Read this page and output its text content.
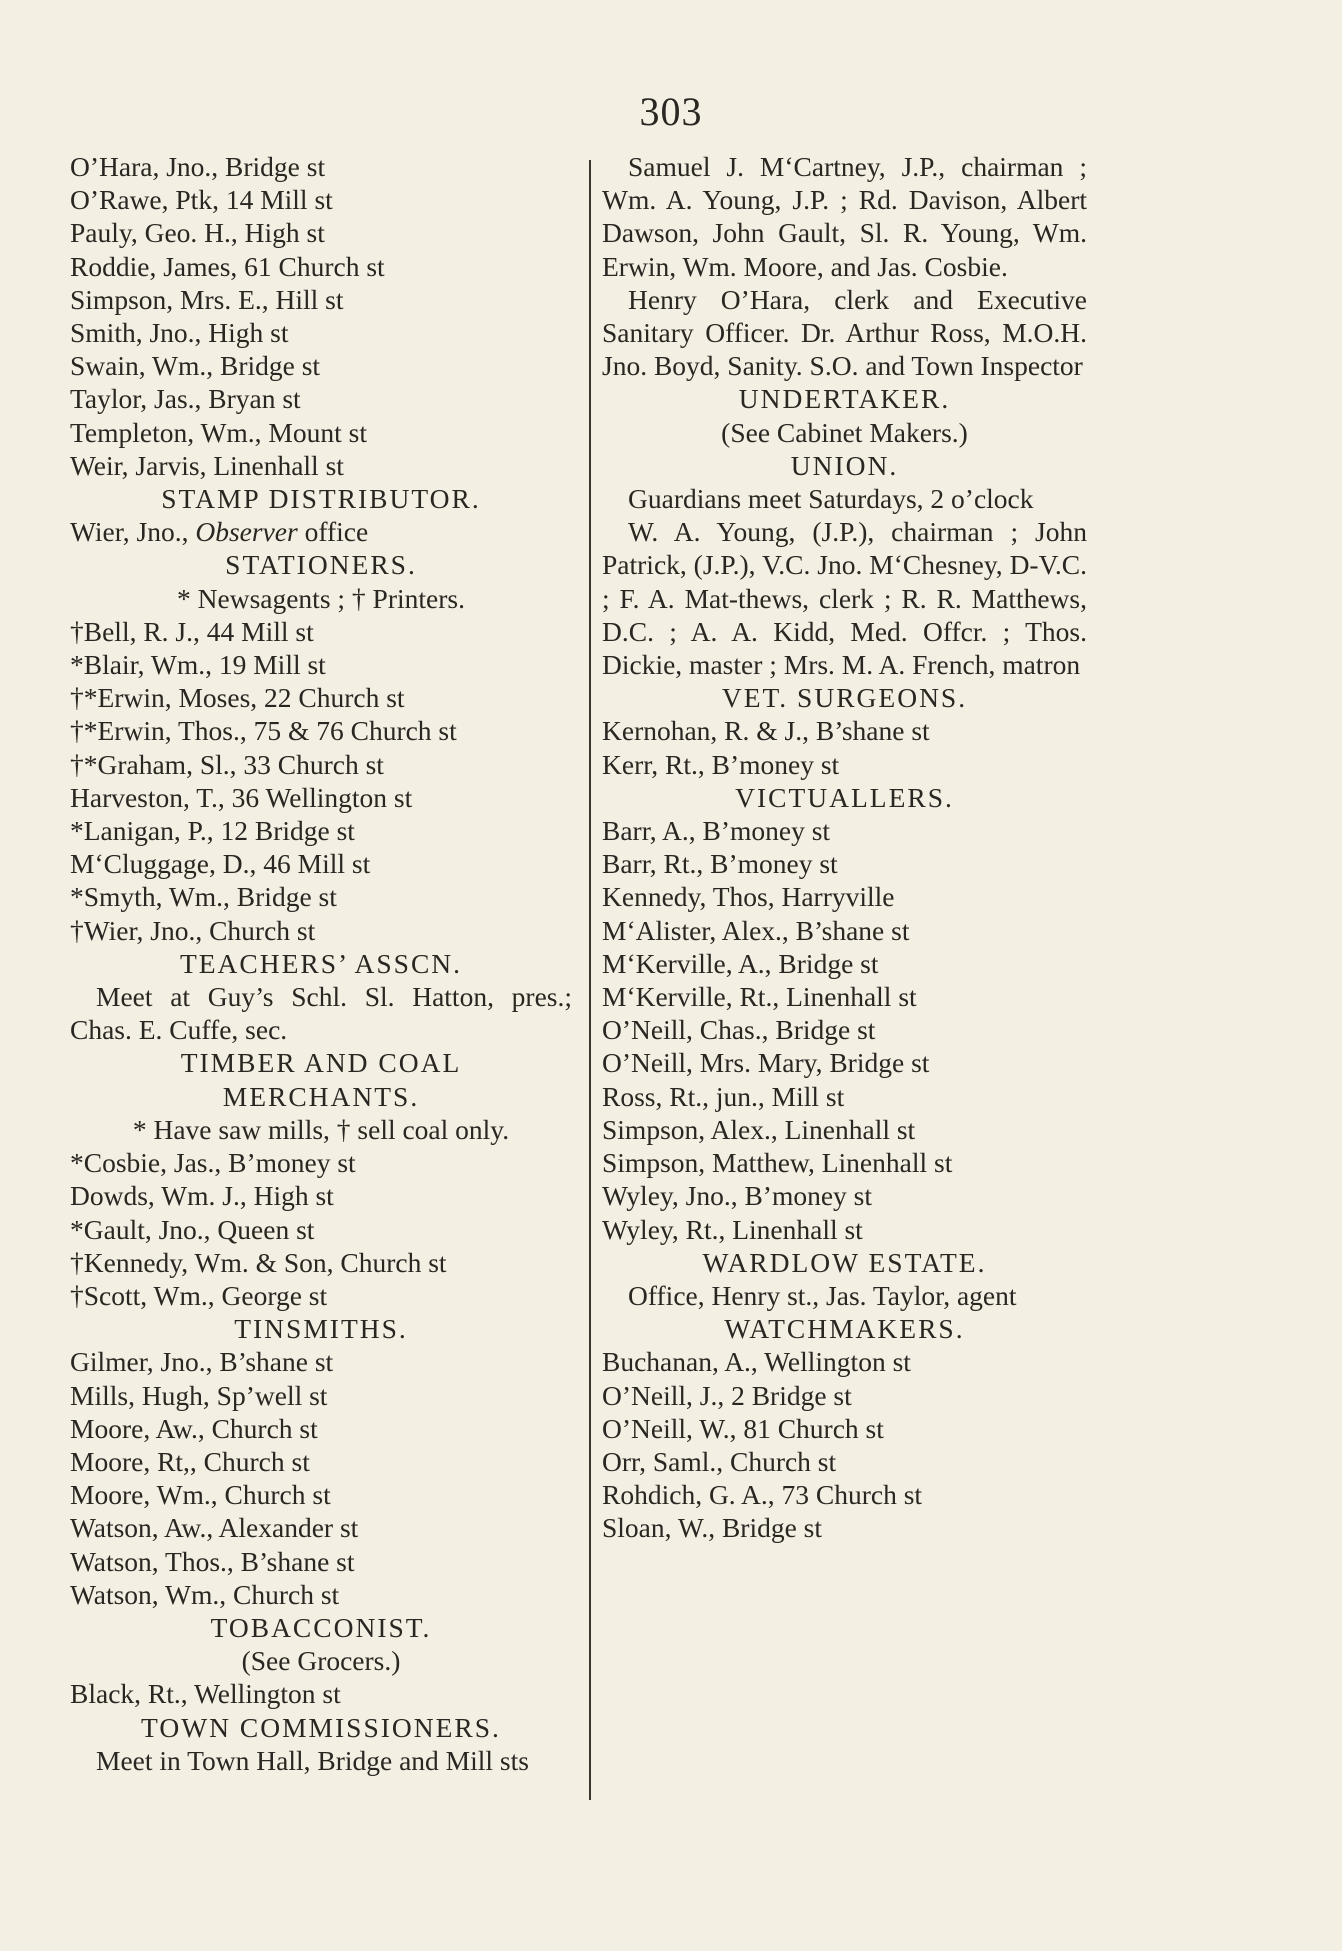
303
O’Hara, Jno., Bridge st
O’Rawe, Ptk, 14 Mill st
Pauly, Geo. H., High st
Roddie, James, 61 Church st
Simpson, Mrs. E., Hill st
Smith, Jno., High st
Swain, Wm., Bridge st
Taylor, Jas., Bryan st
Templeton, Wm., Mount st
Weir, Jarvis, Linenhall st
STAMP DISTRIBUTOR.
Wier, Jno., Observer office
STATIONERS.
* Newsagents ; † Printers.
†Bell, R. J., 44 Mill st
*Blair, Wm., 19 Mill st
†*Erwin, Moses, 22 Church st
†*Erwin, Thos., 75 & 76 Church st
†*Graham, Sl., 33 Church st
Harveston, T., 36 Wellington st
*Lanigan, P., 12 Bridge st
M‘Cluggage, D., 46 Mill st
*Smyth, Wm., Bridge st
†Wier, Jno., Church st
TEACHERS’ ASSCN.
Meet at Guy’s Schl. Sl. Hatton, pres.; Chas. E. Cuffe, sec.
TIMBER AND COAL
MERCHANTS.
* Have saw mills, † sell coal only.
*Cosbie, Jas., B’money st
Dowds, Wm. J., High st
*Gault, Jno., Queen st
†Kennedy, Wm. & Son, Church st
†Scott, Wm., George st
TINSMITHS.
Gilmer, Jno., B’shane st
Mills, Hugh, Sp’well st
Moore, Aw., Church st
Moore, Rt,, Church st
Moore, Wm., Church st
Watson, Aw., Alexander st
Watson, Thos., B’shane st
Watson, Wm., Church st
TOBACCONIST.
(See Grocers.)
Black, Rt., Wellington st
TOWN COMMISSIONERS.
Meet in Town Hall, Bridge and Mill sts
Samuel J. M‘Cartney, J.P., chairman ; Wm. A. Young, J.P. ; Rd. Davison, Albert Dawson, John Gault, Sl. R. Young, Wm. Erwin, Wm. Moore, and Jas. Cosbie.
Henry O’Hara, clerk and Executive Sanitary Officer. Dr. Arthur Ross, M.O.H. Jno. Boyd, Sanity. S.O. and Town Inspector
UNDERTAKER.
(See Cabinet Makers.)
UNION.
Guardians meet Saturdays, 2 o’clock
W. A. Young, (J.P.), chairman ; John Patrick, (J.P.), V.C. Jno. M‘Chesney, D-V.C. ; F. A. Mat-thews, clerk ; R. R. Matthews, D.C. ; A. A. Kidd, Med. Offcr. ; Thos. Dickie, master ; Mrs. M. A. French, matron
VET. SURGEONS.
Kernohan, R. & J., B’shane st
Kerr, Rt., B’money st
VICTUALLERS.
Barr, A., B’money st
Barr, Rt., B’money st
Kennedy, Thos, Harryville
M‘Alister, Alex., B’shane st
M‘Kerville, A., Bridge st
M‘Kerville, Rt., Linenhall st
O’Neill, Chas., Bridge st
O’Neill, Mrs. Mary, Bridge st
Ross, Rt., jun., Mill st
Simpson, Alex., Linenhall st
Simpson, Matthew, Linenhall st
Wyley, Jno., B’money st
Wyley, Rt., Linenhall st
WARDLOW ESTATE.
Office, Henry st., Jas. Taylor, agent
WATCHMAKERS.
Buchanan, A., Wellington st
O’Neill, J., 2 Bridge st
O’Neill, W., 81 Church st
Orr, Saml., Church st
Rohdich, G. A., 73 Church st
Sloan, W., Bridge st
